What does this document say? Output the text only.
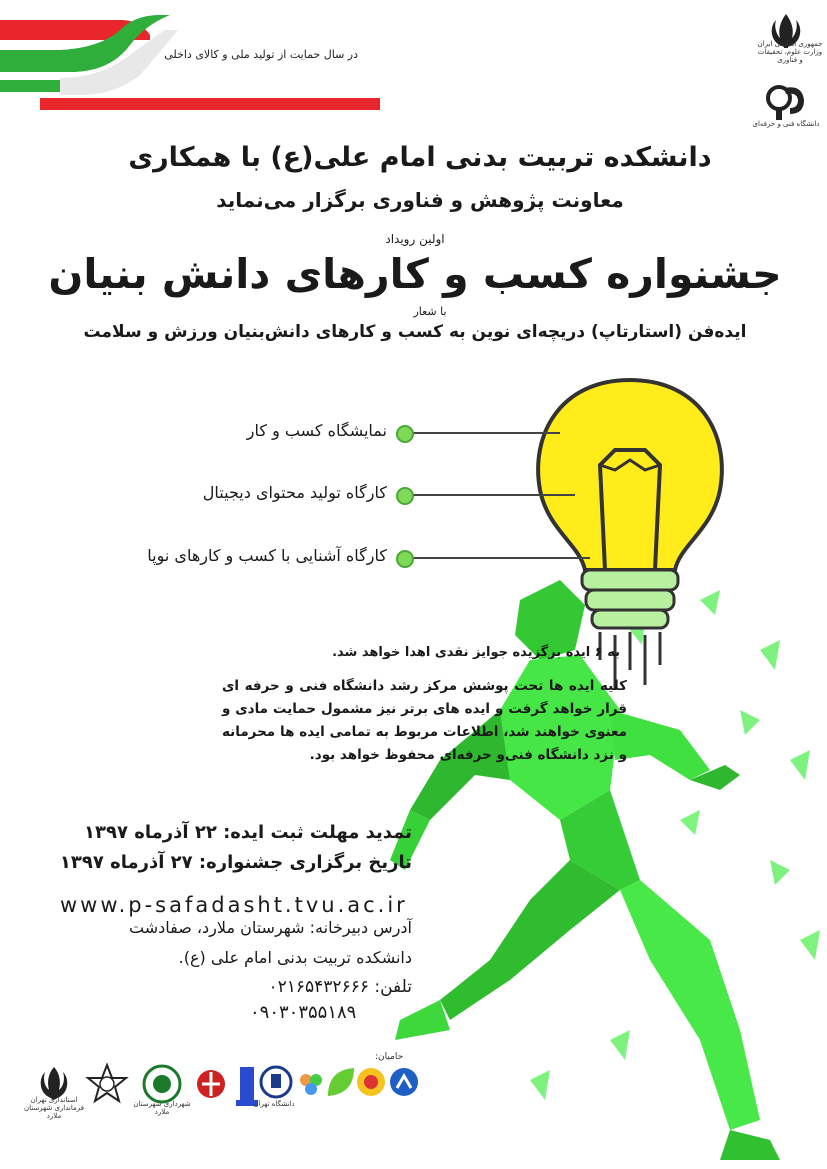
در سال حمایت از تولید ملی و کالای داخلی
جمهوری اسلامی ایران وزارت علوم، تحقیقات و فناوری
دانشگاه فنی و حرفه‌ای
دانشکده تربیت بدنی امام علی(ع) با همکاری
معاونت پژوهش و فناوری برگزار می‌نماید
اولین رویداد
جشنواره کسب و کارهای دانش بنیان
با شعار
ایده‌فن (استارتاپ) دریچه‌ای نوین به کسب و کارهای دانش‌بنیان ورزش و سلامت
نمایشگاه کسب و کار
کارگاه تولید محتوای دیجیتال
کارگاه آشنایی با کسب و کارهای نوپا
به ۶ ایده برگزیده جوایز نقدی اهدا خواهد شد.
کلیه ایده ها تحت پوشش مرکز رشد دانشگاه فنی و حرفه ای قرار خواهد گرفت و ایده های برتر نیز مشمول حمایت مادی و معنوی خواهند شد، اطلاعات مربوط به تمامی ایده ها محرمانه و نزد دانشگاه فنی‌و حرفه‌ای محفوظ خواهد بود.
تمدید مهلت ثبت ایده: ۲۲ آذرماه ۱۳۹۷
تاریخ برگزاری جشنواره: ۲۷ آذرماه ۱۳۹۷
www.p-safadasht.tvu.ac.ir
آدرس دبیرخانه: شهرستان ملارد، صفادشت
دانشکده تربیت بدنی امام علی (ع).
تلفن: ۰۲۱۶۵۴۳۲۶۶۶
۰۹۰۳۰۳۵۵۱۸۹
حامیان:
استانداری تهران فرمانداری شهرستان ملارد
شهرداری شهرستان ملارد
دانشگاه تهران
